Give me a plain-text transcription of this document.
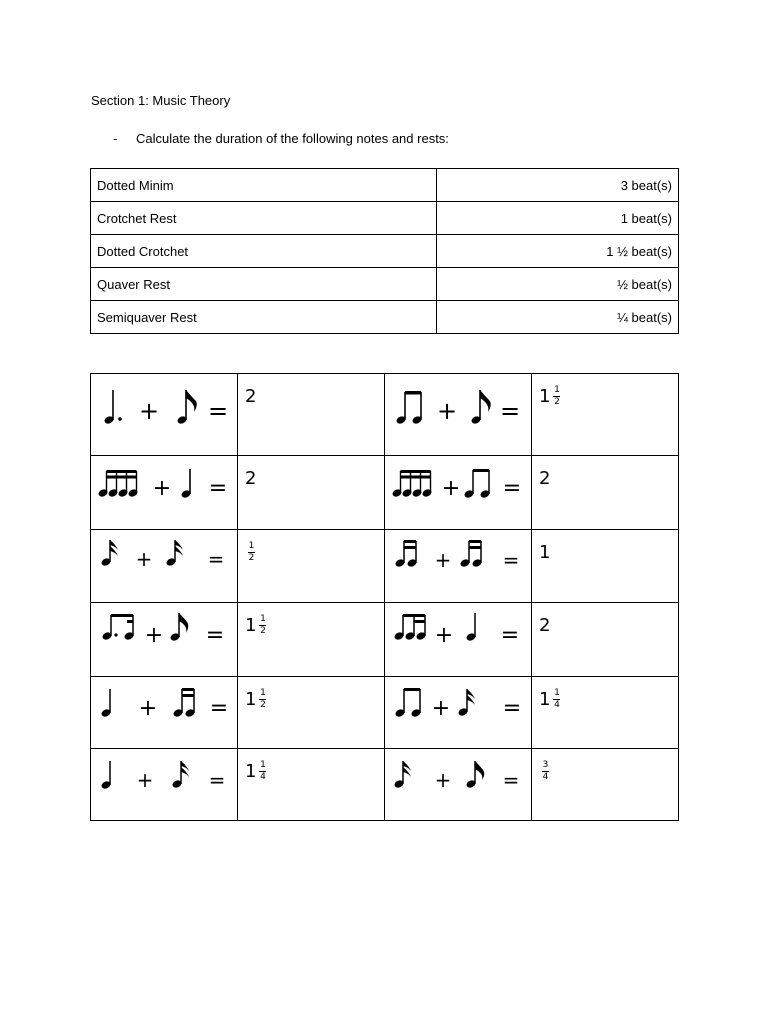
Section 1: Music Theory
- Calculate the duration of the following notes and rests:
Dotted Minim	3 beat(s)
Crotchet Rest	1 beat(s)
Dotted Crotchet	1 ½ beat(s)
Quaver Rest	½ beat(s)
Semiquaver Rest	¼ beat(s)
+ =	2	+ =	$1 \frac{1}{2}$

+ =	2	+ =	2

+ =	$\frac{1}{2}$	+ =	1

+ =	$1 \frac{1}{2}$	+ =	2

+ =	$1 \frac{1}{2}$	+ =	$1 \frac{1}{4}$

+ =	$1 \frac{1}{4}$	+ =	$\frac{3}{4}$
